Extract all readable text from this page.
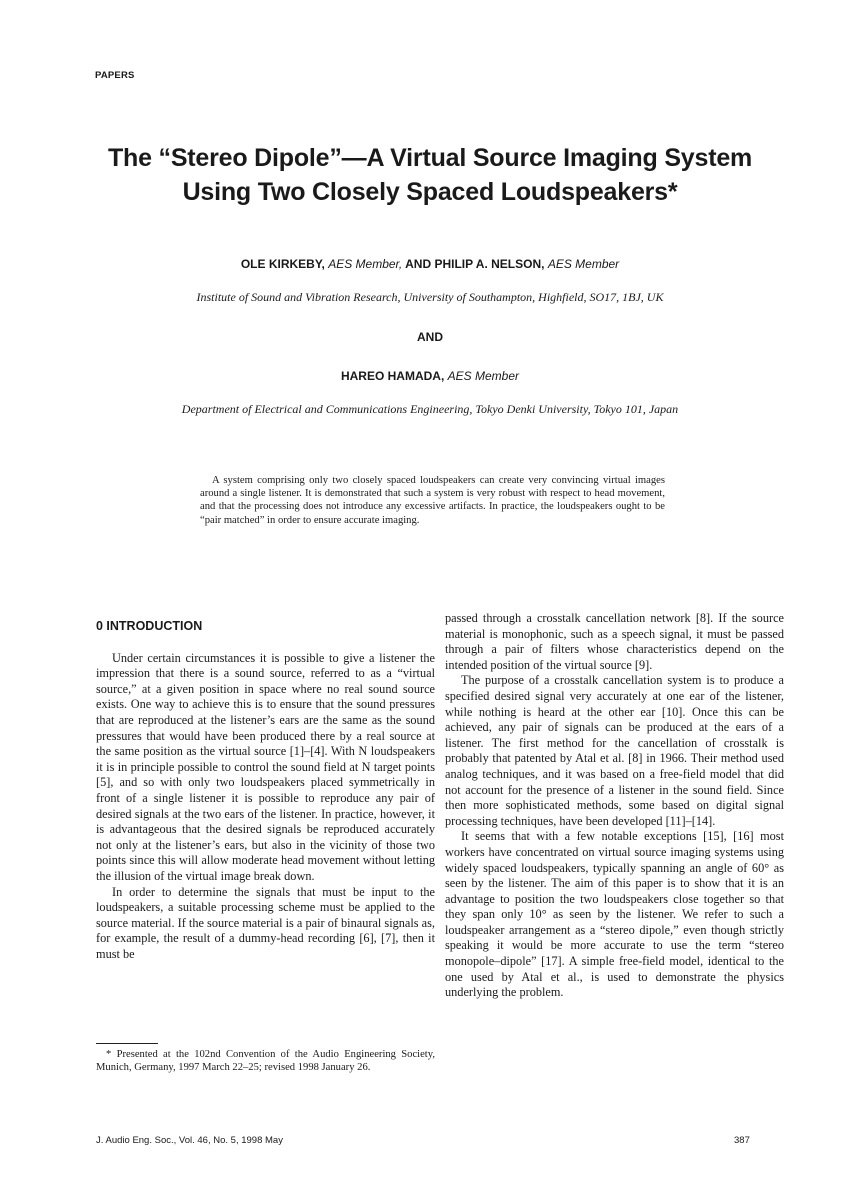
PAPERS
The “Stereo Dipole”—A Virtual Source Imaging System
Using Two Closely Spaced Loudspeakers*
OLE KIRKEBY, AES Member, AND PHILIP A. NELSON, AES Member
Institute of Sound and Vibration Research, University of Southampton, Highfield, SO17, 1BJ, UK
AND
HAREO HAMADA, AES Member
Department of Electrical and Communications Engineering, Tokyo Denki University, Tokyo 101, Japan
A system comprising only two closely spaced loudspeakers can create very convincing virtual images around a single listener. It is demonstrated that such a system is very robust with respect to head movement, and that the processing does not introduce any excessive artifacts. In practice, the loudspeakers ought to be “pair matched” in order to ensure accurate imaging.
0 INTRODUCTION

Under certain circumstances it is possible to give a listener the impression that there is a sound source, referred to as a “virtual source,” at a given position in space where no real sound source exists. One way to achieve this is to ensure that the sound pressures that are reproduced at the listener’s ears are the same as the sound pressures that would have been produced there by a real source at the same position as the virtual source [1]–[4]. With N loudspeakers it is in principle possible to control the sound field at N target points [5], and so with only two loudspeakers placed symmetrically in front of a single listener it is possible to reproduce any pair of desired signals at the two ears of the listener. In practice, however, it is advantageous that the desired signals be reproduced accurately not only at the listener’s ears, but also in the vicinity of those two points since this will allow moderate head movement without letting the illusion of the virtual image break down.

In order to determine the signals that must be input to the loudspeakers, a suitable processing scheme must be applied to the source material. If the source material is a pair of binaural signals as, for example, the result of a dummy-head recording [6], [7], then it must be

passed through a crosstalk cancellation network [8]. If the source material is monophonic, such as a speech signal, it must be passed through a pair of filters whose characteristics depend on the intended position of the virtual source [9].

The purpose of a crosstalk cancellation system is to produce a specified desired signal very accurately at one ear of the listener, while nothing is heard at the other ear [10]. Once this can be achieved, any pair of signals can be produced at the ears of a listener. The first method for the cancellation of crosstalk is probably that patented by Atal et al. [8] in 1966. Their method used analog techniques, and it was based on a free-field model that did not account for the presence of a listener in the sound field. Since then more sophisticated methods, some based on digital signal processing techniques, have been developed [11]–[14].

It seems that with a few notable exceptions [15], [16] most workers have concentrated on virtual source imaging systems using widely spaced loudspeakers, typically spanning an angle of 60° as seen by the listener. The aim of this paper is to show that it is an advantage to position the two loudspeakers close together so that they span only 10° as seen by the listener. We refer to such a loudspeaker arrangement as a “stereo dipole,” even though strictly speaking it would be more accurate to use the term “stereo monopole–dipole” [17]. A simple free-field model, identical to the one used by Atal et al., is used to demonstrate the physics underlying the problem.

* Presented at the 102nd Convention of the Audio Engineering Society, Munich, Germany, 1997 March 22–25; revised 1998 January 26.
J. Audio Eng. Soc., Vol. 46, No. 5, 1998 May	387
